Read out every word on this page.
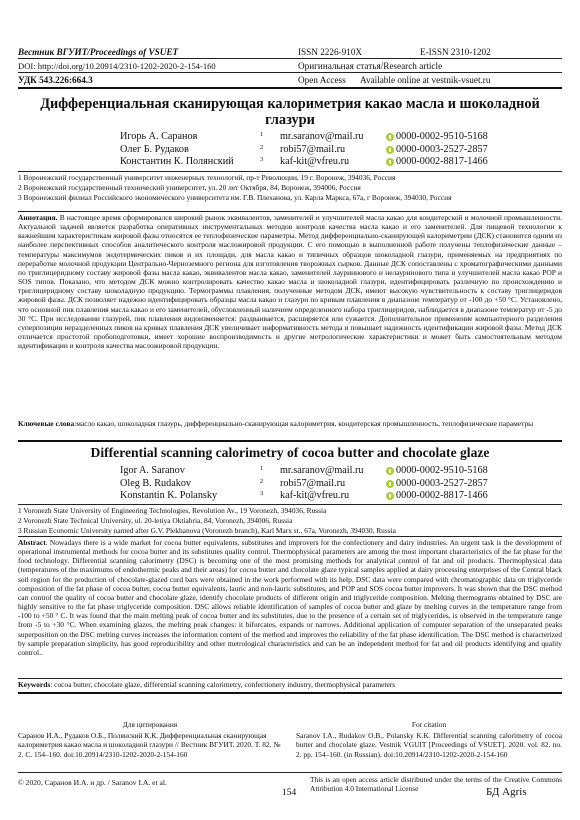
Вестник ВГУИТ/Proceedings of VSUET	ISSN 2226-910X	E-ISSN 2310-1202
DOI: http://doi.org/10.20914/2310-1202-2020-2-154-160	Оригинальная статья/Research article
УДК 543.226:664.3	Open Access Available online at vestnik-vsuet.ru
Дифференциальная сканирующая калориметрия какао масла и шоколадной глазури
Игорь А. Саранов	1 mr.saranov@mail.ru	0000-0002-9510-5168
Олег Б. Рудаков	2 robi57@mail.ru	0000-0003-2527-2857
Константин К. Полянский	3 kaf-kit@vfreu.ru	0000-0002-8817-1466
1 Воронежский государственный университет инженерных технологий, пр-т Революции, 19 г. Воронеж, 394036, Россия
2 Воронежский государственный технический университет, ул. 20 лет Октября, 84, Воронеж, 394006, Россия
3 Воронежский филиал Российского экономического университета им. Г.В. Плеханова, ул. Карла Маркса, 67а, г Воронеж, 394030, Россия
Аннотация. В настоящее время сформировался широкий рынок эквивалентов, заменителей и улучшителей масла какао для кондитерской и молочной промышленности. Актуальной задачей является разработка оперативных инструментальных методов контроля качества масла какао и его заменителей. Для пищевой технологии к важнейшим характеристикам жировой фазы относятся ее теплофизические параметры. Метод дифференциально-сканирующей калориметрии (ДСК) становится одним из наиболее перспективных способов аналитического контроля масложировой продукции. С его помощью в выполненной работе получены теплофизические данные – температуры максимумов эндотермических пиков и их площади, для масла какао и типичных образцов шоколадной глазури, применяемых на предприятиях по переработке молочной продукции Центрально-Черноземного региона для изготовления творожных сырков. Данные ДСК сопоставлены с хроматографическими данными по триглицеридному составу жировой фазы масла какао, эквивалентов масла какао, заменителей лауриннового и нелауринового типа и улучшителей масла какао POP и SOS типов. Показано, что методом ДСК можно контролировать качество какао масла и шоколадной глазури, идентифицировать различную по происхождению и триглицеридному составу шоколадную продукцию. Термограммы плавления, полученные методом ДСК, имеют высокую чувствительность к составу триглицеридов жировой фазы. ДСК позволяет надежно идентифицировать образцы масла какао и глазури по кривым плавления в диапазоне температур от -100 до +50 °С. Установлено, что основной пик плавления масла какао и его заменителей, обусловленный наличием определенного набора триглицеридов, наблюдается в диапазоне температур от -5 до 30 °С. При исследовании глазурей, пик плавления видоизменяется: раздваивается, расширяется или сужается. Дополнительное применение компьютерного разделения суперпозиции неразделенных пиков на кривых плавления ДСК увеличивает информативность метода и повышает надежность идентификации жировой фазы. Метод ДСК отличается простотой пробоподготовки, имеет хорошие воспроизводимость и другие метрологические характеристики и может быть самостоятельным методом идентификации и контроля качества масложировой продукции.
Ключевые слова:масло какао, шоколадная глазурь, дифференциально-сканирующая калориметрия, кондитерская промышленность, теплофизические параметры
Differential scanning calorimetry of cocoa butter and chocolate glaze
Igor A. Saranov	1 mr.saranov@mail.ru	0000-0002-9510-5168
Oleg B. Rudakov	2 robi57@mail.ru	0000-0003-2527-2857
Konstantin K. Polansky	3 kaf-kit@vfreu.ru	0000-0002-8817-1466
1 Voronezh State University of Engineering Technologies, Revolution Av., 19 Voronezh, 394036, Russia
2 Voronezh State Technical University, ul. 20-letiya Oktiabria, 84, Voronezh, 394006, Russia
3 Russian Economic University named after G.V. Plekhanova (Voronezh branch), Karl Marx st., 67a, Voronezh, 394030, Russia
Abstract. Nowadays there is a wide market for cocoa butter equivalents, substitutes and improvers for the confectionery and dairy industries. An urgent task is the development of operational instrumental methods for cocoa butter and its substitutes quality control. Thermophysical parameters are among the most important characteristics of the fat phase for the food technology. Differential scanning calorimetry (DSC) is becoming one of the most promising methods for analytical control of fat and oil products. Thermophysical data (temperatures of the maximums of endothermic peaks and their areas) for cocoa butter and chocolate glaze typical samples applied at dairy processing enterprises of the Central black soil region for the production of chocolate-glazed curd bars were obtained in the work performed with its help. DSC data were compared with chromatographic data on triglyceride composition of the fat phase of cocoa butter, cocoa butter equivalents, lauric and non-lauric substitutes, and POP and SOS cocoa butter improvers. It was shown that the DSC method can control the quality of cocoa butter and chocolate glaze, identify chocolate products of different origin and triglyceride composition. Melting thermograms obtained by DSC are highly sensitive to the fat phase triglyceride composition. DSC allows reliable identification of samples of cocoa butter and glaze by melting curves in the temperature range from -100 to +50 ° C. It was found that the main melting peak of cocoa butter and its substitutes, due to the presence of a certain set of triglycerides, is observed in the temperature range from -5 to +30 °C. When examining glazes, the melting peak changes: it bifurcates, expands or narrows. Additional application of computer separation of the unseparated peaks superposition on the DSC melting curves increases the information content of the method and improves the reliability of the fat phase identification. The DSC method is characterized by sample preparation simplicity, has good reproducibility and other metrological characteristics and can be an independent method for fat and oil products identifying and quality control..
Keywords: cocoa butter, chocolate glaze, differential scanning calorimetry, confectionery industry, thermophysical parameters
Для цитирования
Саранов И.А., Рудаков О.Б., Полянский К.К. Дифференциальная сканирующая калориметрия какао масла и шоколадной глазури // Вестник ВГУИТ. 2020. Т. 82. № 2. С. 154–160. doi:10.20914/2310-1202-2020-2-154-160
For citation
Saranov I.A., Rudakov O.B., Polansky K.K. Differential scanning calorimetry of cocoa butter and chocolate glaze. Vestnik VGUIT [Proceedings of VSUET]. 2020. vol. 82. no. 2. pp. 154–160. (in Russian). doi:10.20914/2310-1202-2020-2-154-160
© 2020, Саранов И.А. и др. / Saranov I.A. et al.	This is an open access article distributed under the terms of the Creative Commons Attribution 4.0 International License
154	БД Agris
